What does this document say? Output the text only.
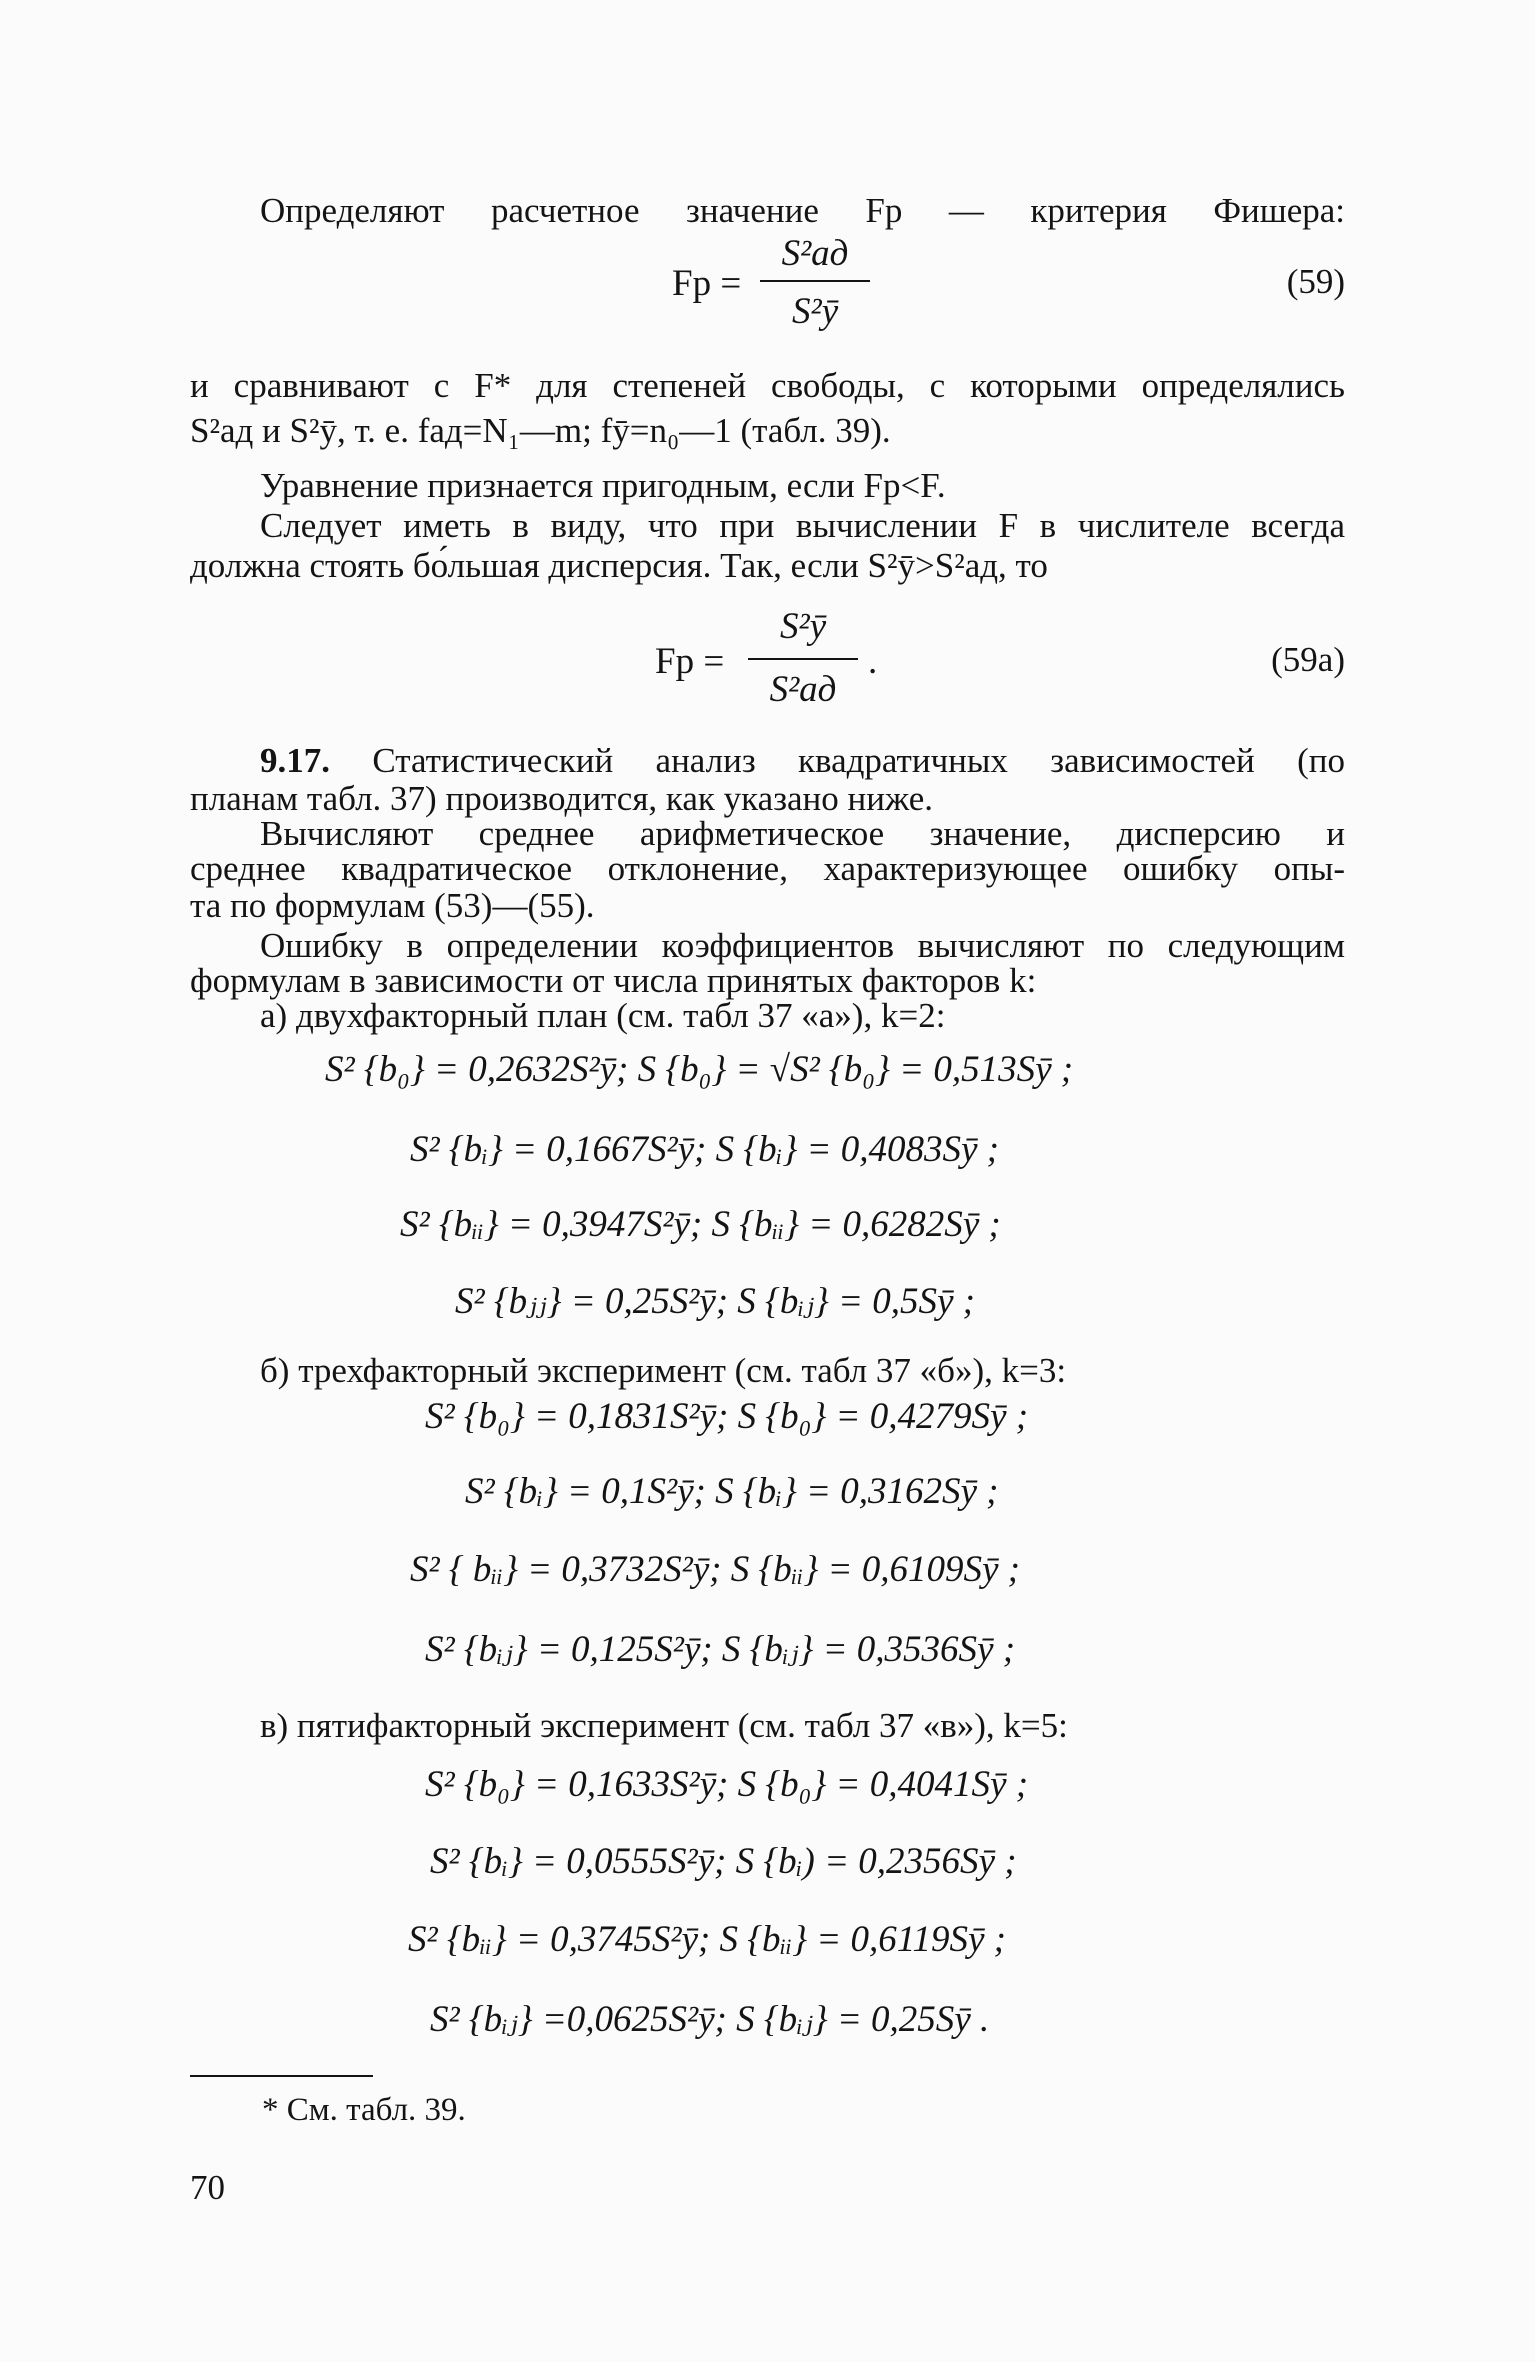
Определяют расчетное значение Fр — критерия Фишера:
Fр =
S²ад
S²ȳ
(59)
и сравнивают с F* для степеней свободы, с которыми определялись
S²ад и S²ȳ, т. е. fад=N₁—m; fȳ=n₀—1 (табл. 39).
Уравнение признается пригодным, если Fр<F.
Следует иметь в виду, что при вычислении F в числителе всегда
должна стоять бо́льшая дисперсия. Так, если S²ȳ>S²ад, то
Fр =
S²ȳ
S²ад
.	(59a)
9.17. Статистический анализ квадратичных зависимостей (по
планам табл. 37) производится, как указано ниже.
Вычисляют среднее арифметическое значение, дисперсию и
среднее квадратическое отклонение, характеризующее ошибку опы-
та по формулам (53)—(55).
Ошибку в определении коэффициентов вычисляют по следующим
формулам в зависимости от числа принятых факторов k:
а) двухфакторный план (см. табл 37 «а»), k=2:
S² {b₀} = 0,2632S²ȳ; S {b₀} = √S² {b₀} = 0,513Sȳ ;
S² {bᵢ} = 0,1667S²ȳ; S {bᵢ} = 0,4083Sȳ ;
S² {bᵢᵢ} = 0,3947S²ȳ; S {bᵢᵢ} = 0,6282Sȳ ;
S² {bⱼⱼ} = 0,25S²ȳ; S {bᵢⱼ} = 0,5Sȳ ;
б) трехфакторный эксперимент (см. табл 37 «б»), k=3:
S² {b₀} = 0,1831S²ȳ; S {b₀} = 0,4279Sȳ ;
S² {bᵢ} = 0,1S²ȳ; S {bᵢ} = 0,3162Sȳ ;
S² { bᵢᵢ} = 0,3732S²ȳ; S {bᵢᵢ} = 0,6109Sȳ ;
S² {bᵢⱼ} = 0,125S²ȳ; S {bᵢⱼ} = 0,3536Sȳ ;
в) пятифакторный эксперимент (см. табл 37 «в»), k=5:
S² {b₀} = 0,1633S²ȳ; S {b₀} = 0,4041Sȳ ;
S² {bᵢ} = 0,0555S²ȳ; S {bᵢ) = 0,2356Sȳ ;
S² {bᵢᵢ} = 0,3745S²ȳ; S {bᵢᵢ} = 0,6119Sȳ ;
S² {bᵢⱼ} =0,0625S²ȳ; S {bᵢⱼ} = 0,25Sȳ .
* См. табл. 39.
70
